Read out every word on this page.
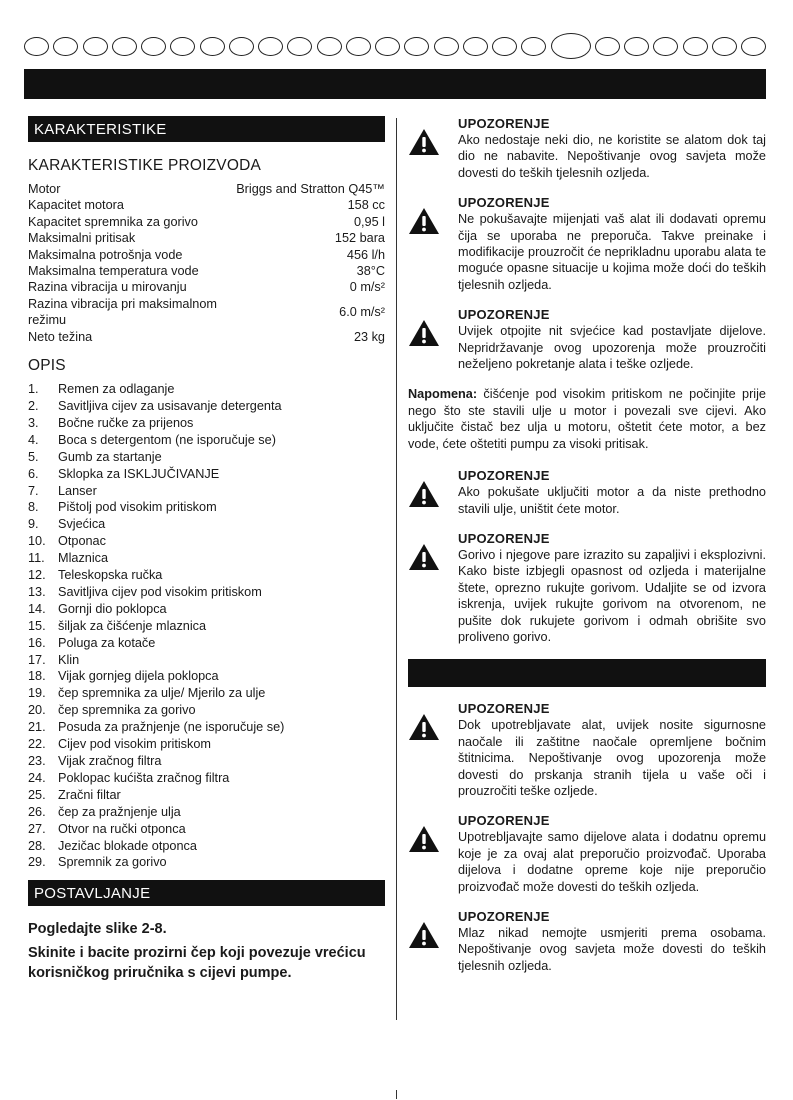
KARAKTERISTIKE
KARAKTERISTIKE PROIZVODA
Motor	Briggs and Stratton Q45™
Kapacitet motora	158 cc
Kapacitet spremnika za gorivo	0,95 l
Maksimalni pritisak	152 bara
Maksimalna potrošnja vode	456 l/h
Maksimalna temperatura vode	38°C
Razina vibracija u mirovanju	0 m/s²
Razina vibracija pri maksimalnom režimu	6.0 m/s²
Neto težina	23 kg
OPIS
1. Remen za odlaganje
2. Savitljiva cijev za usisavanje detergenta
3. Bočne ručke za prijenos
4. Boca s detergentom (ne isporučuje se)
5. Gumb za startanje
6. Sklopka za ISKLJUČIVANJE
7. Lanser
8. Pištolj pod visokim pritiskom
9. Svjećica
10. Otponac
11. Mlaznica
12. Teleskopska ručka
13. Savitljiva cijev pod visokim pritiskom
14. Gornji dio poklopca
15. šiljak za čišćenje mlaznica
16. Poluga za kotače
17. Klin
18. Vijak gornjeg dijela poklopca
19. čep spremnika za ulje/ Mjerilo za ulje
20. čep spremnika za gorivo
21. Posuda za pražnjenje (ne isporučuje se)
22. Cijev pod visokim pritiskom
23. Vijak zračnog filtra
24. Poklopac kućišta zračnog filtra
25. Zračni filtar
26. čep za pražnjenje ulja
27. Otvor na ručki otponca
28. Jezičac blokade otponca
29. Spremnik za gorivo
POSTAVLJANJE

Pogledajte slike 2-8.

Skinite i bacite prozirni čep koji povezuje vrećicu korisničkog priručnika s cijevi pumpe.

UPOZORENJE

Ako nedostaje neki dio, ne koristite se alatom dok taj dio ne nabavite. Nepoštivanje ovog savjeta može dovesti do teških tjelesnih ozljeda.

UPOZORENJE

Ne pokušavajte mijenjati vaš alat ili dodavati opremu čija se uporaba ne preporuča. Takve preinake i modifikacije prouzročit će neprikladnu uporabu alata te moguće opasne situacije u kojima može doći do teških tjelesnih ozljeda.

UPOZORENJE

Uvijek otpojite nit svjećice kad postavljate dijelove. Nepridržavanje ovog upozorenja može prouzročiti neželjeno pokretanje alata i teške ozljede.

Napomena: čišćenje pod visokim pritiskom ne počinjite prije nego što ste stavili ulje u motor i povezali sve cijevi. Ako uključite čistač bez ulja u motoru, oštetit ćete motor, a bez vode, ćete oštetiti pumpu za visoki pritisak.

UPOZORENJE

Ako pokušate uključiti motor a da niste prethodno stavili ulje, uništit ćete motor.

UPOZORENJE

Gorivo i njegove pare izrazito su zapaljivi i eksplozivni. Kako biste izbjegli opasnost od ozljeda i materijalne štete, oprezno rukujte gorivom. Udaljite se od izvora iskrenja, uvijek rukujte gorivom na otvorenom, ne pušite dok rukujete gorivom i odmah obrišite svo proliveno gorivo.

UPOZORENJE

Dok upotrebljavate alat, uvijek nosite sigurnosne naočale ili zaštitne naočale opremljene bočnim štitnicima. Nepoštivanje ovog upozorenja može dovesti do prskanja stranih tijela u vaše oči i prouzročiti teške ozljede.

UPOZORENJE

Upotrebljavajte samo dijelove alata i dodatnu opremu koje je za ovaj alat preporučio proizvođač. Uporaba dijelova i dodatne opreme koje nije preporučio proizvođač može dovesti do teških ozljeda.

UPOZORENJE

Mlaz nikad nemojte usmjeriti prema osobama. Nepoštivanje ovog savjeta može dovesti do teških tjelesnih ozljeda.
